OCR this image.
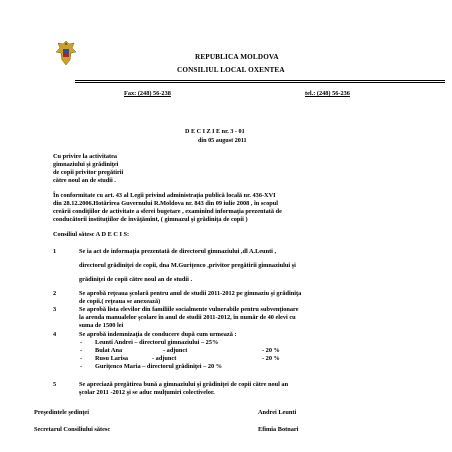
REPUBLICA MOLDOVA
CONSILIUL LOCAL OXENTEA
Fax: (248) 56-238	tel.: (248) 56-236
D E C I Z I E nr. 3 - 01
din 05 august 2011
Cu privire la activitatea
gimnaziului şi grădiniţei
de copii privitor pregătirii
către noul an de studii .
În conformitate cu art. 43 al Legii privind administraţia publică locală nr. 436-XVI
din 28.12.2006.Hotărîrea Guvernului R.Moldova nr. 843 din 09 iulie 2008 , în scopul
creării condiţiilor de activitate a sferei bugetare , examinînd informaţia prezentată de
conducătorii instituţiilor de învăţămînt, ( gimnazul şi grădiniţa de copii )
Consiliul sătesc A D E C I S:
1	Se ia act de informaţia prezentată de directorul gimnaziului ,dl A.Leunti ,
directorul grădiniţei de copii, dna M.Guriţenco ,privitor pregătirii gimnaziului şi
grădiniţei de copii către noul an de studii .
2	Se aprobă reţeaua şcolară pentru anul de studii 2011-2012 pe gimnaziu şi grădiniţa
de copii.( reţeaua se anexează)
3	Se aprobă lista elevilor din familiile socialmente vulnerabile pentru subvenţionare
la arenda manualelor şcolare în anul de studii 2011-2012, în număr de 40 elevi cu
suma de 1500 lei
4	Se aprobă indemnizaţia de conducere după cum urmează :
- Leunti Andrei – directorul gimnaziului – 25%
- Bulat Ana	- adjunct	- 20 %
- Rusu Larisa	- adjunct	- 20 %
- Guriţenco Maria – directorul grădiniţei – 20 %
5	Se apreciază pregătirea bună a gimnaziului şi grădiniţei de copii către noul an
şcolar 2011 -2012 şi se aduc mulţumiri colectivelor.
Preşedintele şedinţei	Andrei Leunti
Secretarul Consiliului sătesc	Efimia Botnari
